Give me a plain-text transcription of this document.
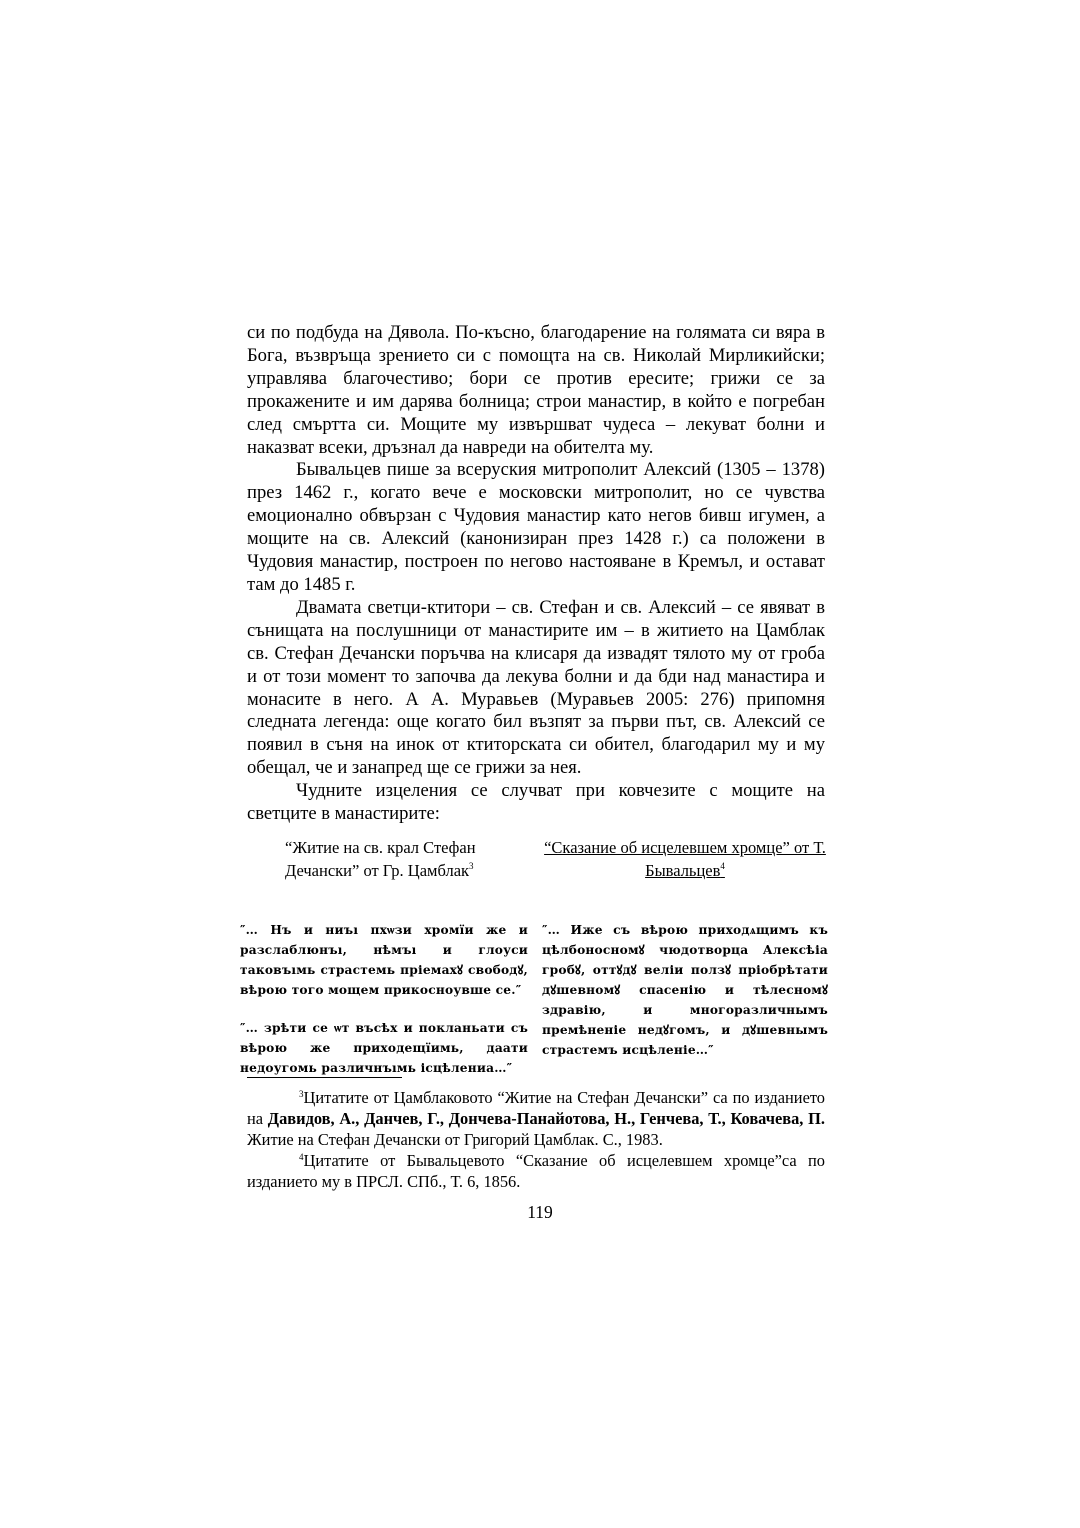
си по подбуда на Дявола. По-късно, благодарение на голямата си вяра в Бога, възвръща зрението си с помощта на св. Николай Мирликийски; управлява благочестиво; бори се против ересите; грижи се за прокажените и им дарява болница; строи манастир, в който е погребан след смъртта си. Мощите му извършват чудеса – лекуват болни и наказват всеки, дръзнал да навреди на обителта му.

Бывальцев пише за всеруския митрополит Алексий (1305 – 1378) през 1462 г., когато вече е московски митрополит, но се чувства емоционално обвързан с Чудовия манастир като негов бивш игумен, а мощите на св. Алексий (канонизиран през 1428 г.) са положени в Чудовия манастир, построен по негово настояване в Кремъл, и остават там до 1485 г.

Двамата светци-ктитори – св. Стефан и св. Алексий – се явяват в сънищата на послушници от манастирите им – в житието на Цамблак св. Стефан Дечански поръчва на клисаря да извадят тялото му от гроба и от този момент то започва да лекува болни и да бди над манастира и монасите в него. А А. Муравьев (Муравьев 2005: 276) припомня следната легенда: още когато бил възпят за първи път, св. Алексий се появил в съня на инок от ктиторската си обител, благодарил му и му обещал, че и занапред ще се грижи за нея.

Чудните изцеления се случват при ковчезите с мощите на светците в манастирите:

“Житие на св. крал Стефан Дечански” от Гр. Цамблак$^3$

″… Нъ и ниъı пхѡзи хромїи же и разслаблюнъı, нѣмъı и глоуси таковъıмь страстемь пріемахꙋ свободꙋ, вѣрою того мощем прикосноувше се.″

″… зрѣти се ѡт въсѣх и покланьати съ вѣрою же приходещїимь, даати недоугомь различнъıмь ісцѣлениа…″

“Сказание об исцелевшем хромце” от Т. Бывальцев$^4$

″… Иже съ вѣрою приходѧщимъ къ цѣлбоносномꙋ чюдотворца Алексѣіа гробꙋ, оттꙋдꙋ веліи ползꙋ пріобрѣтати дꙋшевномꙋ спасенію и тѣлесномꙋ здравію, и многоразличнымъ премѣненіе недꙋгомъ, и дꙋшевнымъ страстемъ исцѣленіе…″

$^3$Цитатите от Цамблаковото “Житие на Стефан Дечански” са по изданието на Давидов, А., Данчев, Г., Дончева-Панайотова, Н., Генчева, Т., Ковачева, П. Житие на Стефан Дечански от Григорий Цамблак. С., 1983.

$^4$Цитатите от Бывальцевото “Сказание об исцелевшем хромце”са по изданието му в ПРСЛ. СПб., Т. 6, 1856.

119
